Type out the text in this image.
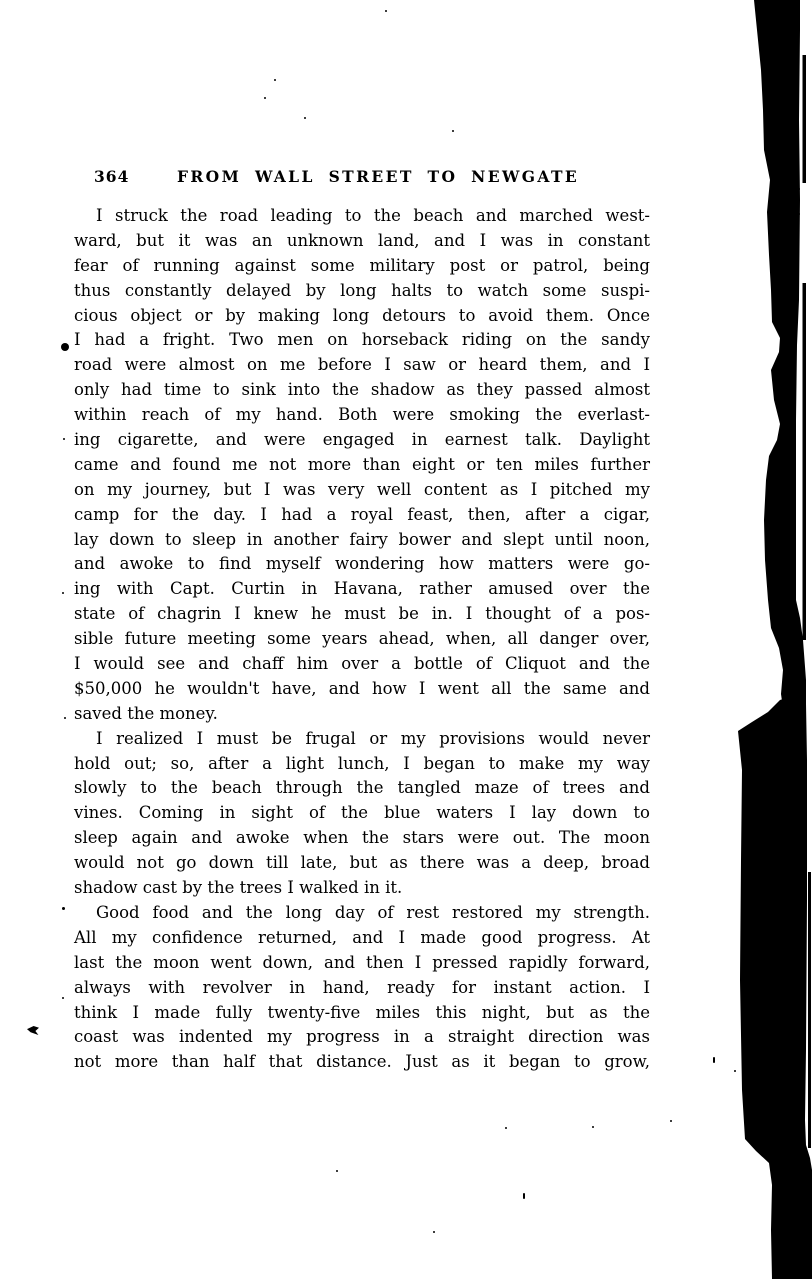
364	FROM WALL STREET TO NEWGATE
I struck the road leading to the beach and marched west-
ward, but it was an unknown land, and I was in constant
fear of running against some military post or patrol, being
thus constantly delayed by long halts to watch some suspi-
cious object or by making long detours to avoid them. Once
I had a fright. Two men on horseback riding on the sandy
road were almost on me before I saw or heard them, and I
only had time to sink into the shadow as they passed almost
within reach of my hand. Both were smoking the everlast-
ing cigarette, and were engaged in earnest talk. Daylight
came and found me not more than eight or ten miles further
on my journey, but I was very well content as I pitched my
camp for the day. I had a royal feast, then, after a cigar,
lay down to sleep in another fairy bower and slept until noon,
and awoke to find myself wondering how matters were go-
ing with Capt. Curtin in Havana, rather amused over the
state of chagrin I knew he must be in. I thought of a pos-
sible future meeting some years ahead, when, all danger over,
I would see and chaff him over a bottle of Cliquot and the
$50,000 he wouldn't have, and how I went all the same and
saved the money.
I realized I must be frugal or my provisions would never
hold out; so, after a light lunch, I began to make my way
slowly to the beach through the tangled maze of trees and
vines. Coming in sight of the blue waters I lay down to
sleep again and awoke when the stars were out. The moon
would not go down till late, but as there was a deep, broad
shadow cast by the trees I walked in it.
Good food and the long day of rest restored my strength.
All my confidence returned, and I made good progress. At
last the moon went down, and then I pressed rapidly forward,
always with revolver in hand, ready for instant action. I
think I made fully twenty-five miles this night, but as the
coast was indented my progress in a straight direction was
not more than half that distance. Just as it began to grow,
